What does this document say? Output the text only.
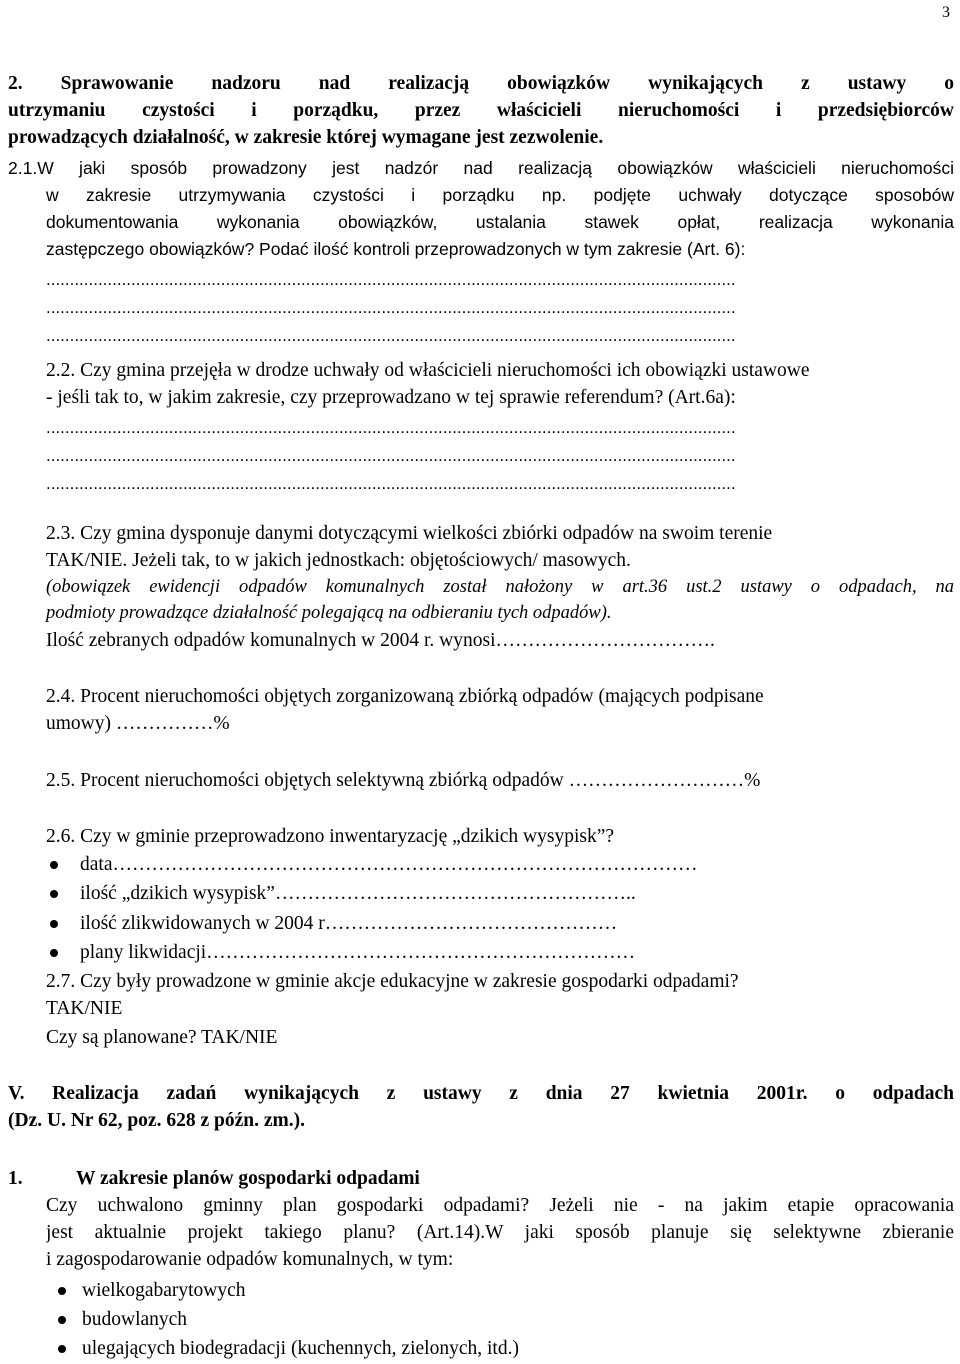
3
2. Sprawowanie nadzoru nad realizacją obowiązków wynikających z ustawy o
utrzymaniu czystości i porządku, przez właścicieli nieruchomości i przedsiębiorców
prowadzących działalność, w zakresie której wymagane jest zezwolenie.
2.1.W jaki sposób prowadzony jest nadzór nad realizacją obowiązków właścicieli nieruchomości
w zakresie utrzymywania czystości i porządku np. podjęte uchwały dotyczące sposobów
dokumentowania wykonania obowiązków, ustalania stawek opłat, realizacja wykonania
zastępczego obowiązków? Podać ilość kontroli przeprowadzonych w tym zakresie (Art. 6):
..................................................................................................................................................
..................................................................................................................................................
..................................................................................................................................................
2.2. Czy gmina przejęła w drodze uchwały od właścicieli nieruchomości ich obowiązki ustawowe
- jeśli tak to, w jakim zakresie, czy przeprowadzano w tej sprawie referendum? (Art.6a):
..................................................................................................................................................
..................................................................................................................................................
..................................................................................................................................................
2.3. Czy gmina dysponuje danymi dotyczącymi wielkości zbiórki odpadów na swoim terenie
TAK/NIE. Jeżeli tak, to w jakich jednostkach: objętościowych/ masowych.
(obowiązek ewidencji odpadów komunalnych został nałożony w art.36 ust.2 ustawy o odpadach, na
podmioty prowadzące działalność polegającą na odbieraniu tych odpadów).
Ilość zebranych odpadów komunalnych w 2004 r. wynosi…………………………….
2.4. Procent nieruchomości objętych zorganizowaną zbiórką odpadów (mających podpisane
umowy) ……………%
2.5. Procent nieruchomości objętych selektywną zbiórką odpadów ………………………%
2.6. Czy w gminie przeprowadzono inwentaryzację „dzikich wysypisk”?
data………………………………………………………………………………
ilość „dzikich wysypisk”………………………………………………..
ilość zlikwidowanych w 2004 r………………………………………
plany likwidacji…………………………………………………………
2.7. Czy były prowadzone w gminie akcje edukacyjne w zakresie gospodarki odpadami?
TAK/NIE
Czy są planowane? TAK/NIE
V. Realizacja zadań wynikających z ustawy z dnia 27 kwietnia 2001r. o odpadach
(Dz. U. Nr 62, poz. 628 z późn. zm.).
1.	W zakresie planów gospodarki odpadami
Czy uchwalono gminny plan gospodarki odpadami? Jeżeli nie - na jakim etapie opracowania
jest aktualnie projekt takiego planu? (Art.14).W jaki sposób planuje się selektywne zbieranie
i zagospodarowanie odpadów komunalnych, w tym:
wielkogabarytowych
budowlanych
ulegających biodegradacji (kuchennych, zielonych, itd.)
